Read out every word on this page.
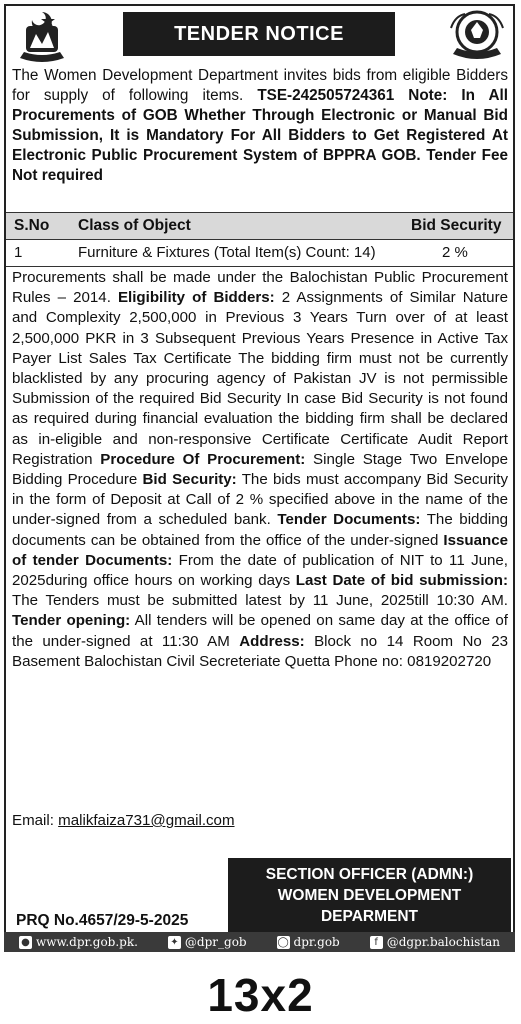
TENDER NOTICE
The Women Development Department invites bids from eligible Bidders for supply of following items. TSE-242505724361 Note: In All Procurements of GOB Whether Through Electronic or Manual Bid Submission, It is Mandatory For All Bidders to Get Registered At Electronic Public Procurement System of BPPRA GOB. Tender Fee Not required
S.No Class of Object	Bid Security
1	Furniture & Fixtures (Total Item(s) Count: 14)	2 %
Procurements shall be made under the Balochistan Public Procurement Rules – 2014. Eligibility of Bidders: 2 Assignments of Similar Nature and Complexity 2,500,000 in Previous 3 Years Turn over of at least 2,500,000 PKR in 3 Subsequent Previous Years Presence in Active Tax Payer List Sales Tax Certificate The bidding firm must not be currently blacklisted by any procuring agency of Pakistan JV is not permissible Submission of the required Bid Security In case Bid Security is not found as required during financial evaluation the bidding firm shall be declared as in-eligible and non-responsive Certificate Certificate Audit Report Registration Procedure Of Procurement: Single Stage Two Envelope Bidding Procedure Bid Security: The bids must accompany Bid Security in the form of Deposit at Call of 2 % specified above in the name of the under-signed from a scheduled bank. Tender Documents: The bidding documents can be obtained from the office of the under-signed Issuance of tender Documents: From the date of publication of NIT to 11 June, 2025during office hours on working days Last Date of bid submission: The Tenders must be submitted latest by 11 June, 2025till 10:30 AM. Tender opening: All tenders will be opened on same day at the office of the under-signed at 11:30 AM Address: Block no 14 Room No 23 Basement Balochistan Civil Secreteriate Quetta Phone no: 0819202720
Email: malikfaiza731@gmail.com
SECTION OFFICER (ADMN:)
WOMEN DEVELOPMENT
DEPARMENT
PRQ No.4657/29-5-2025
● www.dpr.gob.pk.	✦ @dpr_gob	◯ dpr.gob	f @dgpr.balochistan
13x2
